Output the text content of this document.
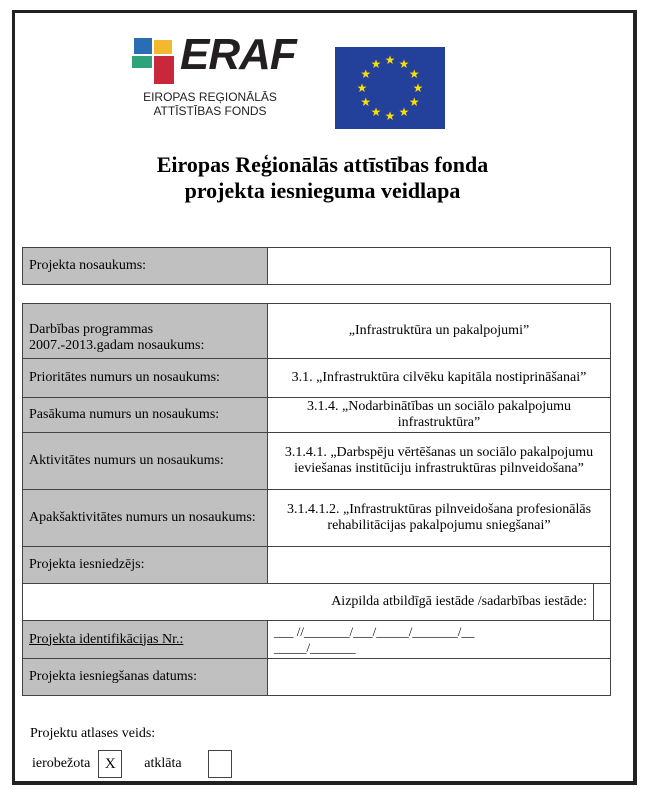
ERAF
EIROPAS REĢIONĀLĀS
ATTĪSTĪBAS FONDS
★ ★
★
★
★
★
★
★
★
★
★
★
Eiropas Reģionālās attīstības fonda
projekta iesnieguma veidlapa
Projekta nosaukums:	
Darbības programmas 2007.-2013.gadam nosaukums:	„Infrastruktūra un pakalpojumi”
Prioritātes numurs un nosaukums:	3.1. „Infrastruktūra cilvēku kapitāla nostiprināšanai”
Pasākuma numurs un nosaukums:	3.1.4. „Nodarbinātības un sociālo pakalpojumu infrastruktūra”
Aktivitātes numurs un nosaukums:	3.1.4.1. „Darbspēju vērtēšanas un sociālo pakalpojumu ieviešanas institūciju infrastruktūras pilnveidošana”
Apakšaktivitātes numurs un nosaukums:	3.1.4.1.2. „Infrastruktūras pilnveidošana profesionālās rehabilitācijas pakalpojumu sniegšanai”
Projekta iesniedzējs:	
Aizpilda atbildīgā iestāde /sadarbības iestāde:	
Projekta identifikācijas Nr.:	___ //_______/___/_____/_______/__
_____/_______

Projekta iesniegšanas datums:	
Projektu atlases veids:
ierobežota X	atklāta
